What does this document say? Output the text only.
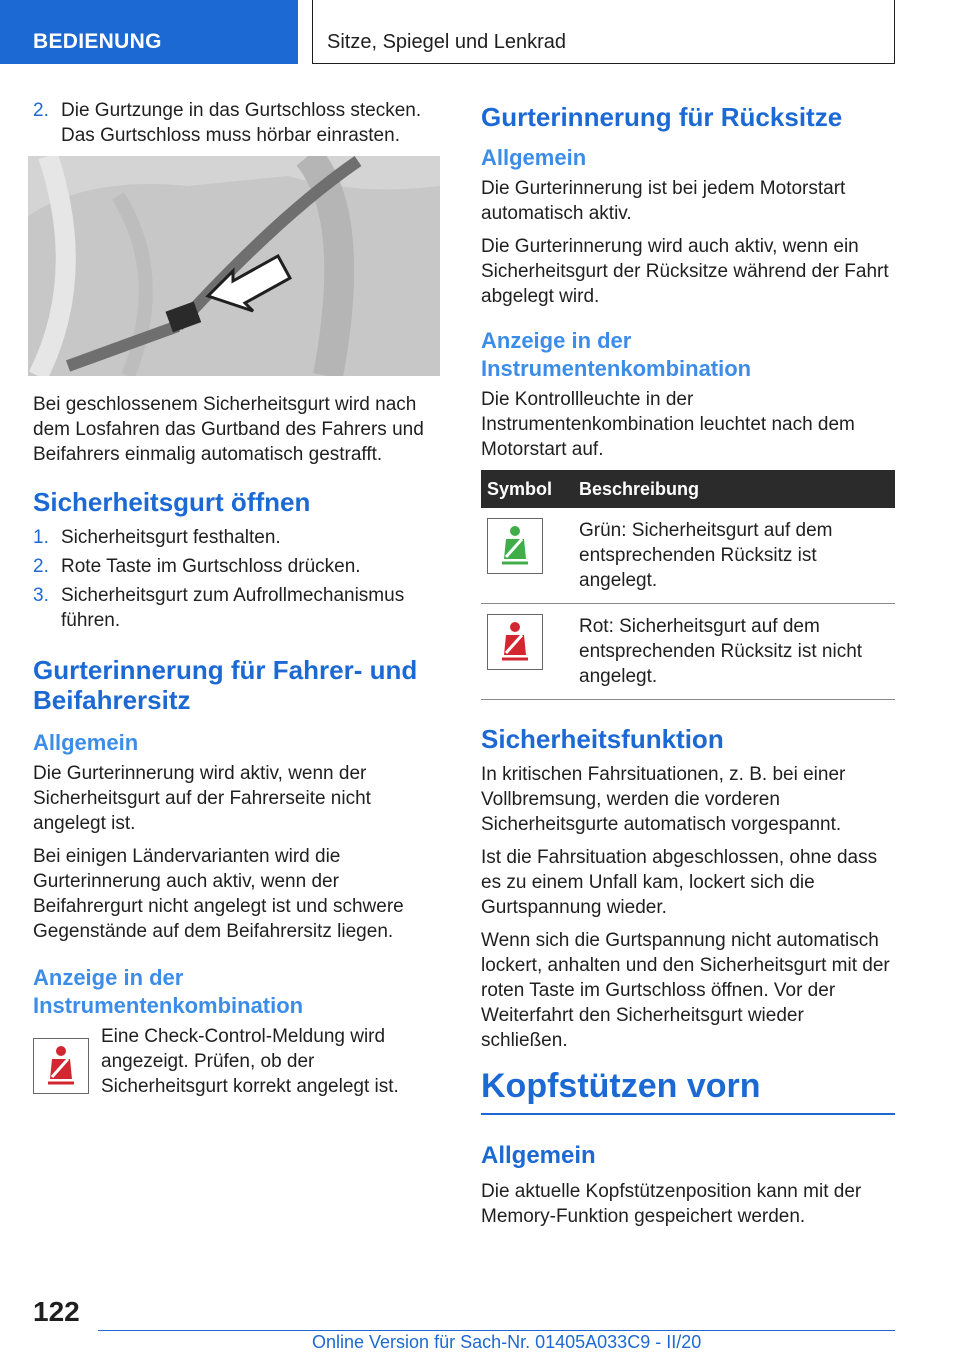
BEDIENUNG	Sitze, Spiegel und Lenkrad
2. Die Gurtzunge in das Gurtschloss stecken. Das Gurtschloss muss hörbar einrasten.

Bei geschlossenem Sicherheitsgurt wird nach dem Losfahren das Gurtband des Fahrers und Beifahrers einmalig automatisch gestrafft.

Sicherheitsgurt öffnen
1. Sicherheitsgurt festhalten.
2. Rote Taste im Gurtschloss drücken.
3. Sicherheitsgurt zum Aufrollmechanismus führen.
Gurterinnerung für Fahrer- und Beifahrersitz
Allgemein

Die Gurterinnerung wird aktiv, wenn der Sicherheitsgurt auf der Fahrerseite nicht angelegt ist.

Bei einigen Ländervarianten wird die Gurterinnerung auch aktiv, wenn der Beifahrergurt nicht angelegt ist und schwere Gegenstände auf dem Beifahrersitz liegen.

Anzeige in der Instrumentenkombination
Eine Check-Control-Meldung wird angezeigt. Prüfen, ob der Sicherheitsgurt korrekt angelegt ist.
Gurterinnerung für Rücksitze
Allgemein

Die Gurterinnerung ist bei jedem Motorstart automatisch aktiv.

Die Gurterinnerung wird auch aktiv, wenn ein Sicherheitsgurt der Rücksitze während der Fahrt abgelegt wird.

Anzeige in der Instrumentenkombination

Die Kontrollleuchte in der Instrumentenkombination leuchtet nach dem Motorstart auf.

Symbol	Beschreibung

	Grün: Sicherheitsgurt auf dem entsprechenden Rücksitz ist angelegt.

	Rot: Sicherheitsgurt auf dem entsprechenden Rücksitz ist nicht angelegt.
Sicherheitsfunktion

In kritischen Fahrsituationen, z. B. bei einer Vollbremsung, werden die vorderen Sicherheitsgurte automatisch vorgespannt.

Ist die Fahrsituation abgeschlossen, ohne dass es zu einem Unfall kam, lockert sich die Gurtspannung wieder.

Wenn sich die Gurtspannung nicht automatisch lockert, anhalten und den Sicherheitsgurt mit der roten Taste im Gurtschloss öffnen. Vor der Weiterfahrt den Sicherheitsgurt wieder schließen.

Kopfstützen vorn
Allgemein

Die aktuelle Kopfstützenposition kann mit der Memory-Funktion gespeichert werden.

122
Online Version für Sach-Nr. 01405A033C9 - II/20
